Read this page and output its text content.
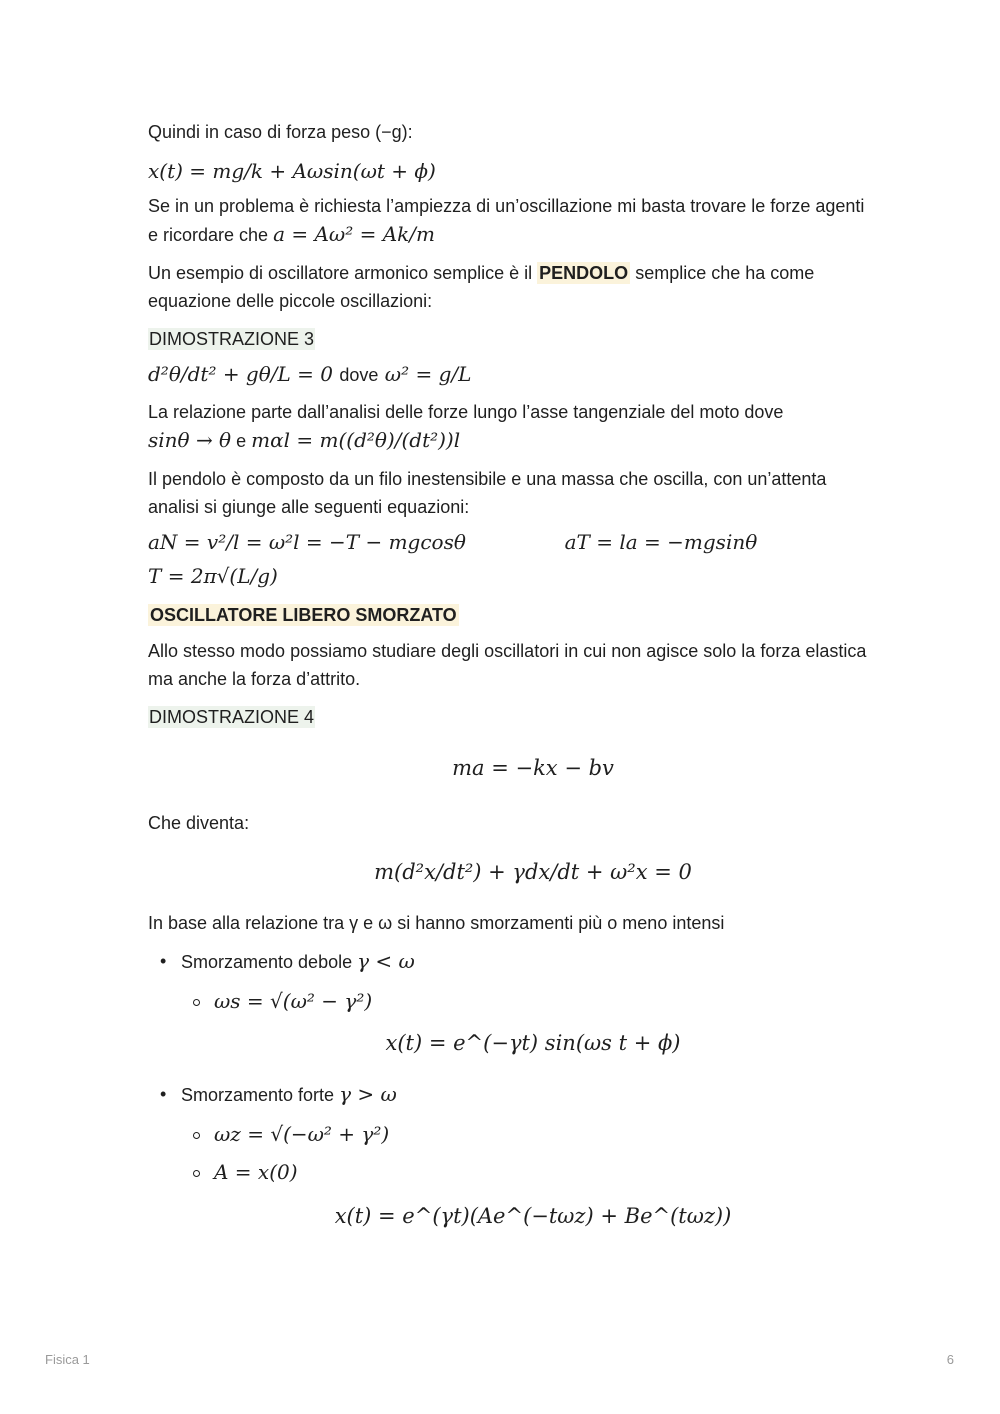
Quindi in caso di forza peso (−g):

x(t) = mg/k + Aωsin(ωt + ϕ)

Se in un problema è richiesta l’ampiezza di un’oscillazione mi basta trovare le forze agenti e ricordare che a = Aω² = Ak/m

Un esempio di oscillatore armonico semplice è il PENDOLO semplice che ha come equazione delle piccole oscillazioni:

DIMOSTRAZIONE 3

d²θ/dt² + gθ/L = 0 dove ω² = g/L

La relazione parte dall’analisi delle forze lungo l’asse tangenziale del moto dove
sinθ → θ e mαl = m((d²θ)/(dt²))l

Il pendolo è composto da un filo inestensibile e una massa che oscilla, con un’attenta analisi si giunge alle seguenti equazioni:

aN = v²/l = ω²l = −T − mgcosθ	aT = la = −mgsinθ
T = 2π√(L/g)

OSCILLATORE LIBERO SMORZATO

Allo stesso modo possiamo studiare degli oscillatori in cui non agisce solo la forza elastica ma anche la forza d’attrito.

DIMOSTRAZIONE 4

ma = −kx − bv

Che diventa:

m(d²x/dt²) + γdx/dt + ω²x = 0

In base alla relazione tra γ e ω si hanno smorzamenti più o meno intensi

• Smorzamento debole γ < ω
ωs = √(ω² − γ²)
x(t) = e^(−γt) sin(ωs t + ϕ)
• Smorzamento forte γ > ω
ωz = √(−ω² + γ²)
A = x(0)
x(t) = e^(γt)(Ae^(−tωz) + Be^(tωz))
Fisica 1	6
